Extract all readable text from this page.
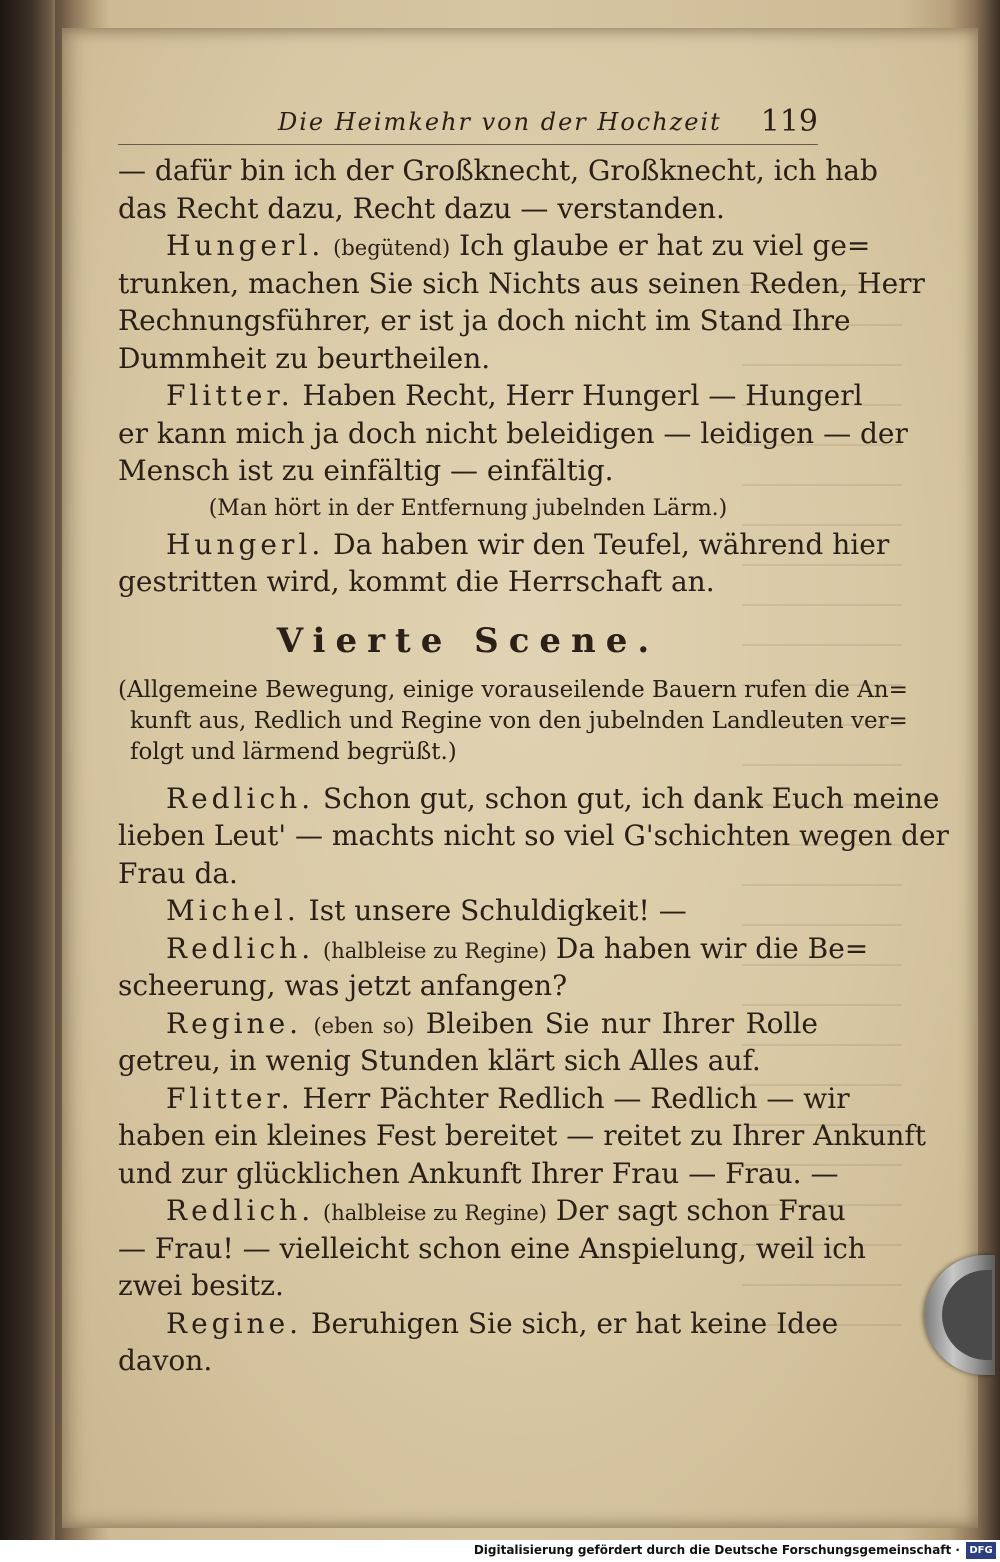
Die Heimkehr von der Hochzeit 119
— dafür bin ich der Großknecht, Großknecht, ich hab
das Recht dazu, Recht dazu — verstanden.
Hungerl. (begütend) Ich glaube er hat zu viel ge=
trunken, machen Sie sich Nichts aus seinen Reden, Herr
Rechnungsführer, er ist ja doch nicht im Stand Ihre
Dummheit zu beurtheilen.
Flitter. Haben Recht, Herr Hungerl — Hungerl
er kann mich ja doch nicht beleidigen — leidigen — der
Mensch ist zu einfältig — einfältig.
(Man hört in der Entfernung jubelnden Lärm.)
Hungerl. Da haben wir den Teufel, während hier
gestritten wird, kommt die Herrschaft an.
Vierte Scene.
(Allgemeine Bewegung, einige vorauseilende Bauern rufen die An=
kunft aus, Redlich und Regine von den jubelnden Landleuten ver=
folgt und lärmend begrüßt.)
Redlich. Schon gut, schon gut, ich dank Euch meine
lieben Leut' — machts nicht so viel G'schichten wegen der
Frau da.
Michel. Ist unsere Schuldigkeit! —
Redlich. (halbleise zu Regine) Da haben wir die Be=
scheerung, was jetzt anfangen?
Regine. (eben so) Bleiben Sie nur Ihrer Rolle
getreu, in wenig Stunden klärt sich Alles auf.
Flitter. Herr Pächter Redlich — Redlich — wir
haben ein kleines Fest bereitet — reitet zu Ihrer Ankunft
und zur glücklichen Ankunft Ihrer Frau — Frau. —
Redlich. (halbleise zu Regine) Der sagt schon Frau
— Frau! — vielleicht schon eine Anspielung, weil ich
zwei besitz.
Regine. Beruhigen Sie sich, er hat keine Idee
davon.
Digitalisierung gefördert durch die Deutsche Forschungsgemeinschaft · DFG
